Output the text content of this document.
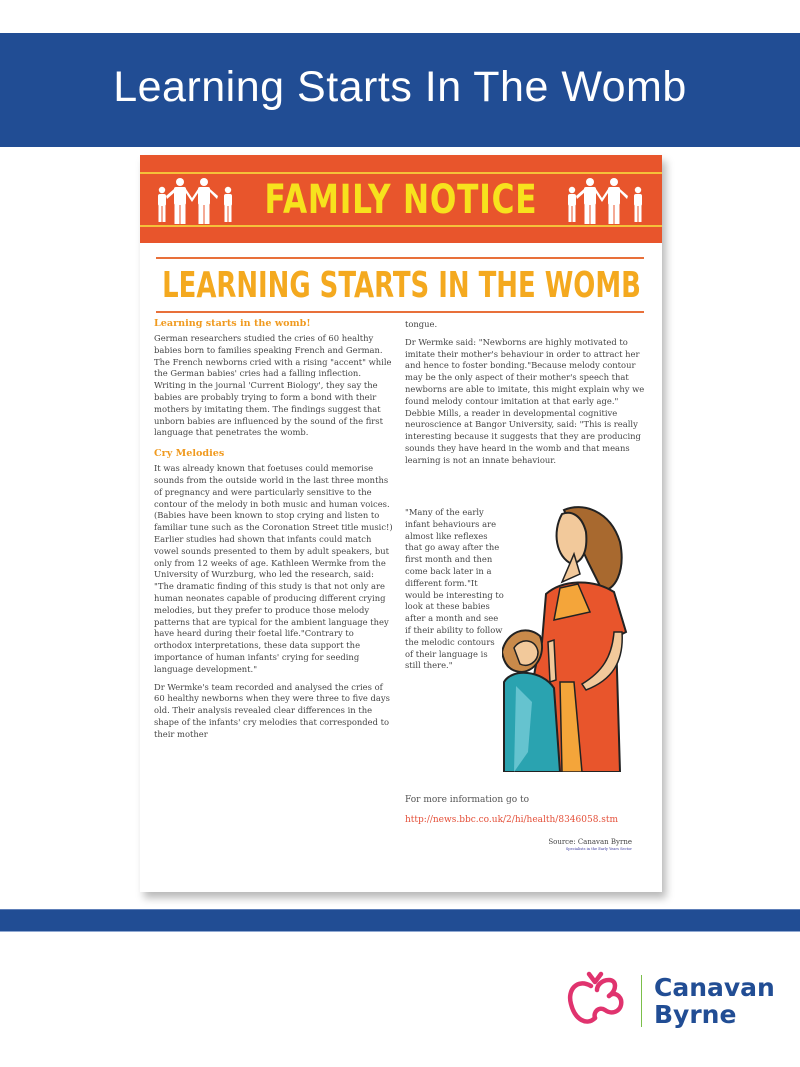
Learning Starts In The Womb
FAMILY NOTICE
LEARNING STARTS IN THE WOMB
Learning starts in the womb!

German researchers studied the cries of 60 healthy babies born to families speaking French and German. The French newborns cried with a rising "accent" while the German babies' cries had a falling inflection. Writing in the journal 'Current Biology', they say the babies are probably trying to form a bond with their mothers by imitating them. The findings suggest that unborn babies are influenced by the sound of the first language that penetrates the womb.

Cry Melodies

It was already known that foetuses could memorise sounds from the outside world in the last three months of pregnancy and were particularly sensitive to the contour of the melody in both music and human voices. (Babies have been known to stop crying and listen to familiar tune such as the Coronation Street title music!) Earlier studies had shown that infants could match vowel sounds presented to them by adult speakers, but only from 12 weeks of age. Kathleen Wermke from the University of Wurzburg, who led the research, said: "The dramatic finding of this study is that not only are human neonates capable of producing different crying melodies, but they prefer to produce those melody patterns that are typical for the ambient language they have heard during their foetal life."Contrary to orthodox interpretations, these data support the importance of human infants' crying for seeding language development."

Dr Wermke's team recorded and analysed the cries of 60 healthy newborns when they were three to five days old. Their analysis revealed clear differences in the shape of the infants' cry melodies that corresponded to their mother

tongue.

Dr Wermke said: "Newborns are highly motivated to imitate their mother's behaviour in order to attract her and hence to foster bonding."Because melody contour may be the only aspect of their mother's speech that newborns are able to imitate, this might explain why we found melody contour imitation at that early age." Debbie Mills, a reader in developmental cognitive neuroscience at Bangor University, said: "This is really interesting because it suggests that they are producing sounds they have heard in the womb and that means learning is not an innate behaviour.

"Many of the early infant behaviours are almost like reflexes that go away after the first month and then come back later in a different form."It would be interesting to look at these babies after a month and see if their ability to follow the melodic contours of their language is still there."
For more information go to
http://news.bbc.co.uk/2/hi/health/8346058.stm
Source: Canavan Byrne
Specialists in the Early Years Sector
Canavan
Byrne
